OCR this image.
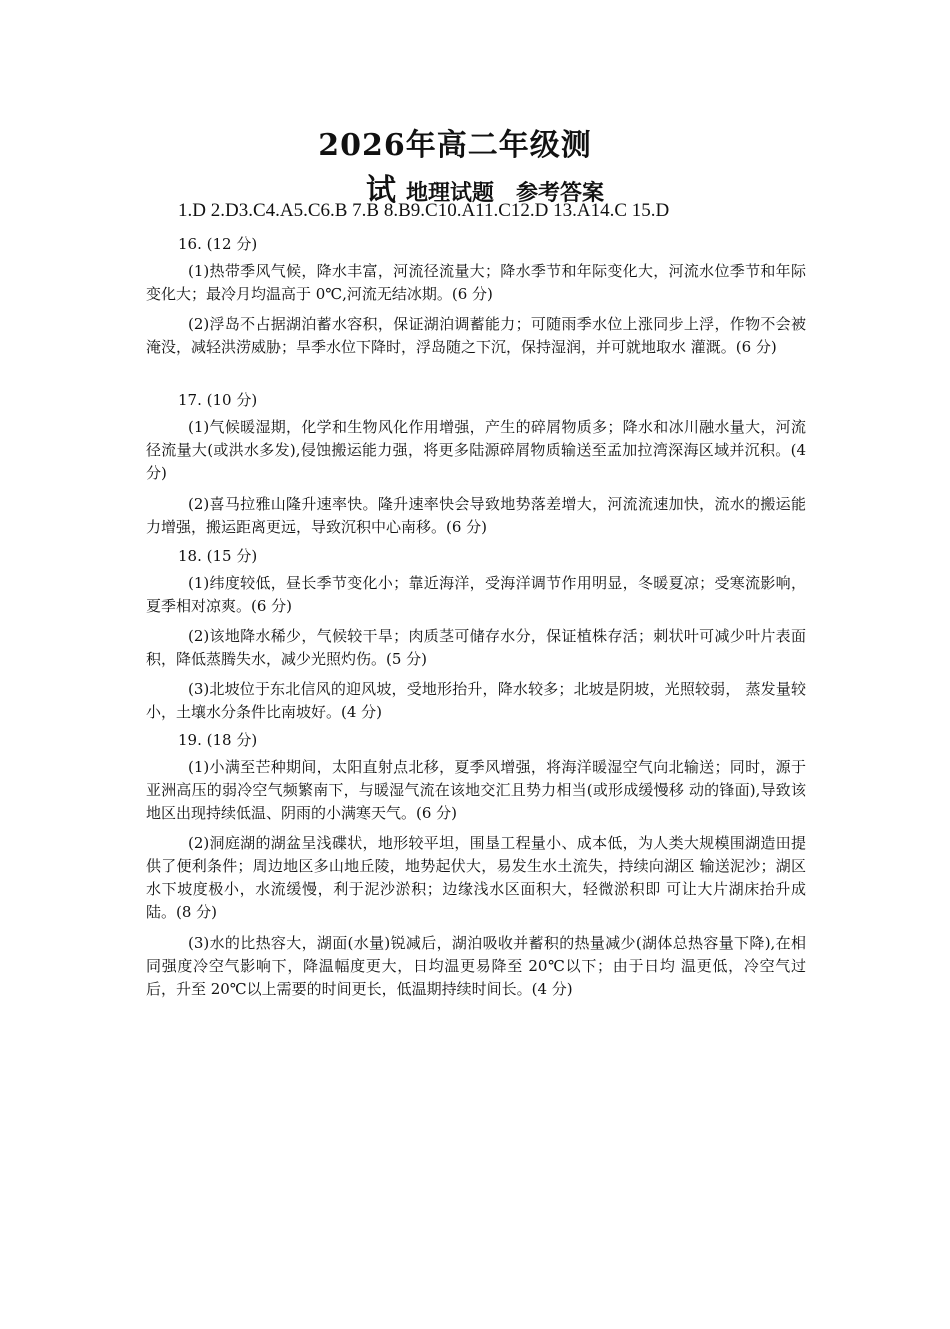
2026年高二年级测
试 地理试题 参考答案
1.D 2.D3.C4.A5.C6.B 7.B 8.B9.C10.A11.C12.D 13.A14.C 15.D
16. (12 分)

(1)热带季风气候，降水丰富，河流径流量大；降水季节和年际变化大，河流水位季节和年际变化大；最冷月均温高于 0℃,河流无结冰期。(6 分)

(2)浮岛不占据湖泊蓄水容积，保证湖泊调蓄能力；可随雨季水位上涨同步上浮，作物不会被淹没，减轻洪涝威胁；旱季水位下降时，浮岛随之下沉，保持湿润，并可就地取水 灌溉。(6 分)

17. (10 分)

(1)气候暖湿期，化学和生物风化作用增强，产生的碎屑物质多；降水和冰川融水量大，河流径流量大(或洪水多发),侵蚀搬运能力强，将更多陆源碎屑物质输送至孟加拉湾深海区域并沉积。(4 分)

(2)喜马拉雅山隆升速率快。隆升速率快会导致地势落差增大，河流流速加快，流水的搬运能力增强，搬运距离更远，导致沉积中心南移。(6 分)

18. (15 分)

(1)纬度较低，昼长季节变化小；靠近海洋，受海洋调节作用明显，冬暖夏凉；受寒流影响，夏季相对凉爽。(6 分)

(2)该地降水稀少，气候较干旱；肉质茎可储存水分，保证植株存活；刺状叶可减少叶片表面积，降低蒸腾失水，减少光照灼伤。(5 分)

(3)北坡位于东北信风的迎风坡，受地形抬升，降水较多；北坡是阴坡，光照较弱， 蒸发量较小，土壤水分条件比南坡好。(4 分)

19. (18 分)

(1)小满至芒种期间，太阳直射点北移，夏季风增强，将海洋暖湿空气向北输送；同时，源于亚洲高压的弱冷空气频繁南下，与暖湿气流在该地交汇且势力相当(或形成缓慢移 动的锋面),导致该地区出现持续低温、阴雨的小满寒天气。(6 分)

(2)洞庭湖的湖盆呈浅碟状，地形较平坦，围垦工程量小、成本低，为人类大规模围湖造田提供了便利条件；周边地区多山地丘陵，地势起伏大，易发生水土流失，持续向湖区 输送泥沙；湖区水下坡度极小，水流缓慢，利于泥沙淤积；边缘浅水区面积大，轻微淤积即 可让大片湖床抬升成陆。(8 分)

(3)水的比热容大，湖面(水量)锐减后，湖泊吸收并蓄积的热量减少(湖体总热容量下降),在相同强度冷空气影响下，降温幅度更大，日均温更易降至 20℃以下；由于日均 温更低，冷空气过后，升至 20℃以上需要的时间更长，低温期持续时间长。(4 分)
